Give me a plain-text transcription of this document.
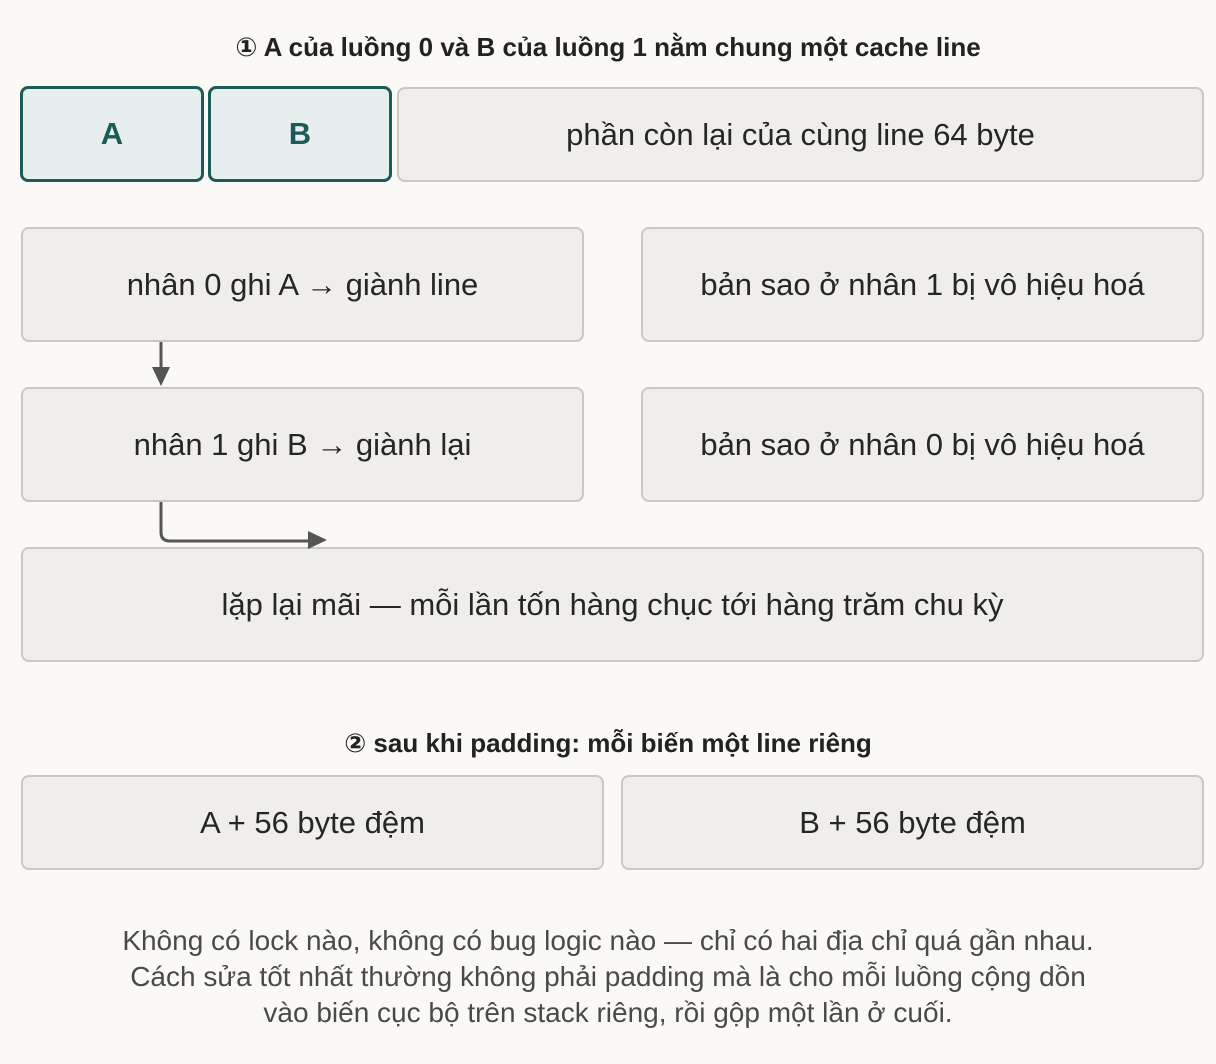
① A của luồng 0 và B của luồng 1 nằm chung một cache line
A	B	phần còn lại của cùng line 64 byte
nhân 0 ghi A → giành line	bản sao ở nhân 1 bị vô hiệu hoá
nhân 1 ghi B → giành lại	bản sao ở nhân 0 bị vô hiệu hoá
lặp lại mãi — mỗi lần tốn hàng chục tới hàng trăm chu kỳ
② sau khi padding: mỗi biến một line riêng
A + 56 byte đệm	B + 56 byte đệm
Không có lock nào, không có bug logic nào — chỉ có hai địa chỉ quá gần nhau.
Cách sửa tốt nhất thường không phải padding mà là cho mỗi luồng cộng dồn
vào biến cục bộ trên stack riêng, rồi gộp một lần ở cuối.
